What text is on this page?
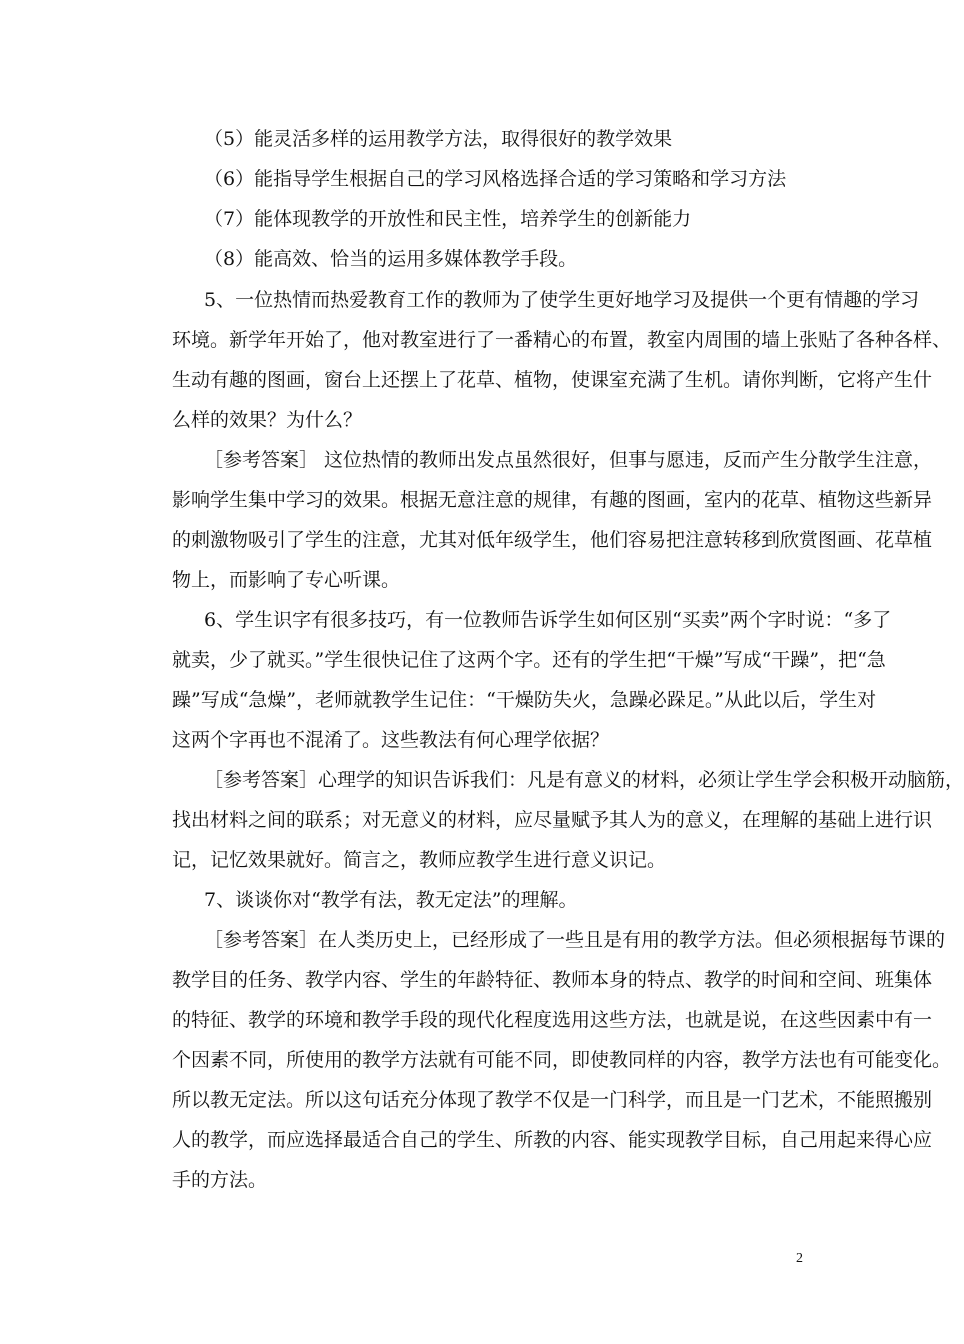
（5）能灵活多样的运用教学方法，取得很好的教学效果
（6）能指导学生根据自己的学习风格选择合适的学习策略和学习方法
（7）能体现教学的开放性和民主性，培养学生的创新能力
（8）能高效、恰当的运用多媒体教学手段。
5、一位热情而热爱教育工作的教师为了使学生更好地学习及提供一个更有情趣的学习
环境。新学年开始了，他对教室进行了一番精心的布置，教室内周围的墙上张贴了各种各样、
生动有趣的图画，窗台上还摆上了花草、植物，使课室充满了生机。请你判断，它将产生什
么样的效果？为什么？
［参考答案］ 这位热情的教师出发点虽然很好，但事与愿违，反而产生分散学生注意，
影响学生集中学习的效果。根据无意注意的规律，有趣的图画，室内的花草、植物这些新异
的刺激物吸引了学生的注意，尤其对低年级学生，他们容易把注意转移到欣赏图画、花草植
物上，而影响了专心听课。
6、学生识字有很多技巧，有一位教师告诉学生如何区别“买卖”两个字时说：“多了
就卖，少了就买。”学生很快记住了这两个字。还有的学生把“干燥”写成“干躁”，把“急
躁”写成“急燥”，老师就教学生记住：“干燥防失火，急躁必跺足。”从此以后，学生对
这两个字再也不混淆了。这些教法有何心理学依据？
［参考答案］心理学的知识告诉我们：凡是有意义的材料，必须让学生学会积极开动脑筋，
找出材料之间的联系；对无意义的材料，应尽量赋予其人为的意义，在理解的基础上进行识
记，记忆效果就好。简言之，教师应教学生进行意义识记。
7、谈谈你对“教学有法，教无定法”的理解。
［参考答案］在人类历史上，已经形成了一些且是有用的教学方法。但必须根据每节课的
教学目的任务、教学内容、学生的年龄特征、教师本身的特点、教学的时间和空间、班集体
的特征、教学的环境和教学手段的现代化程度选用这些方法，也就是说，在这些因素中有一
个因素不同，所使用的教学方法就有可能不同，即使教同样的内容，教学方法也有可能变化。
所以教无定法。所以这句话充分体现了教学不仅是一门科学，而且是一门艺术，不能照搬别
人的教学，而应选择最适合自己的学生、所教的内容、能实现教学目标，自己用起来得心应
手的方法。
2
